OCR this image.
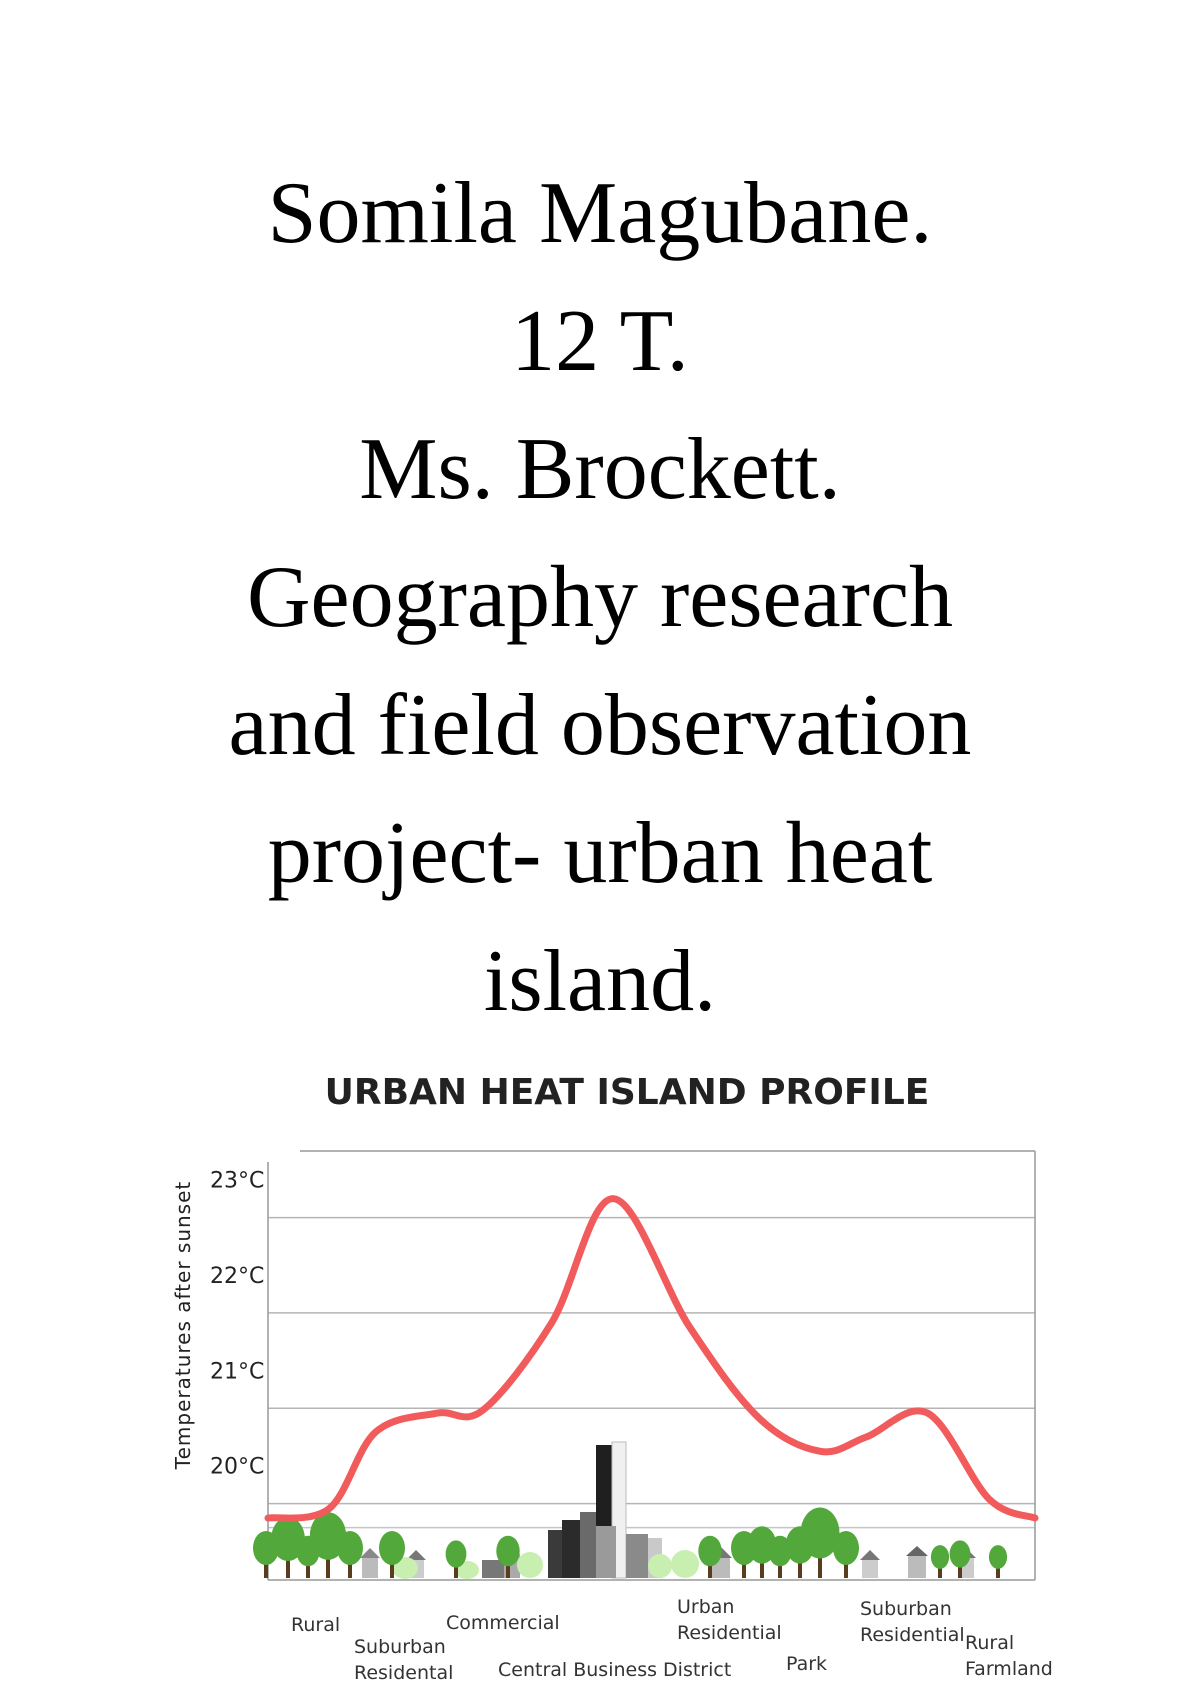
Somila Magubane.
12 T.
Ms. Brockett.
Geography research
and field observation
project- urban heat
island.
URBAN HEAT ISLAND PROFILE
23°C
22°C
21°C
20°C
Temperatures after sunset
Rural
Suburban Residental
Commercial
Central Business District
Urban Residential
Park
Suburban Residential Rural Farmland
